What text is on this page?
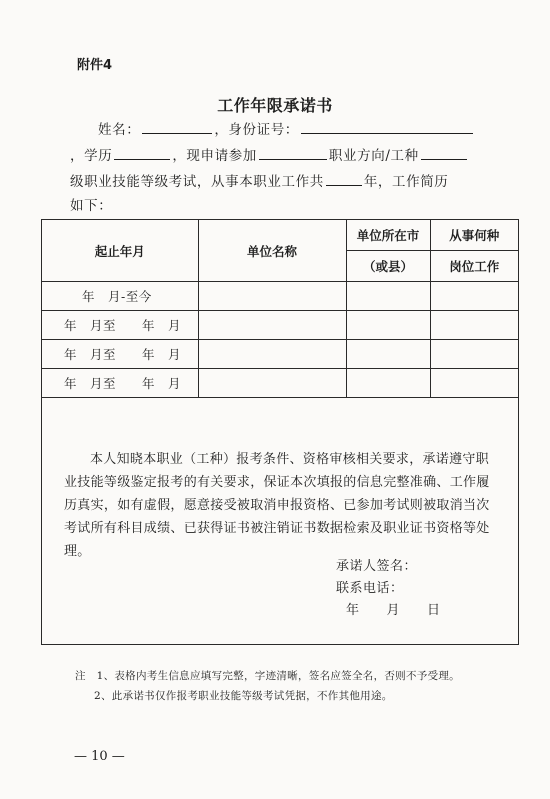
附件4
工作年限承诺书
姓名：	，身份证号：
，学历	，现申请参加	职业方向/工种
级职业技能等级考试，从事本职业工作共	年，工作简历
如下：
起止年月	单位名称	单位所在市	从事何种
		（或县）	岗位工作
年　月-至今			
年　月至　　年　月			
年　月至　　年　月			
年　月至　　年　月			
本人知晓本职业（工种）报考条件、资格审核相关要求，承诺遵守职业技能等级鉴定报考的有关要求，保证本次填报的信息完整准确、工作履历真实，如有虚假，愿意接受被取消申报资格、已参加考试则被取消当次考试所有科目成绩、已获得证书被注销证书数据检索及职业证书资格等处理。
承诺人签名：
联系电话：
年　　月　　日
注　1、表格内考生信息应填写完整，字迹清晰，签名应签全名，否则不予受理。
2、此承诺书仅作报考职业技能等级考试凭据，不作其他用途。
— 10 —
